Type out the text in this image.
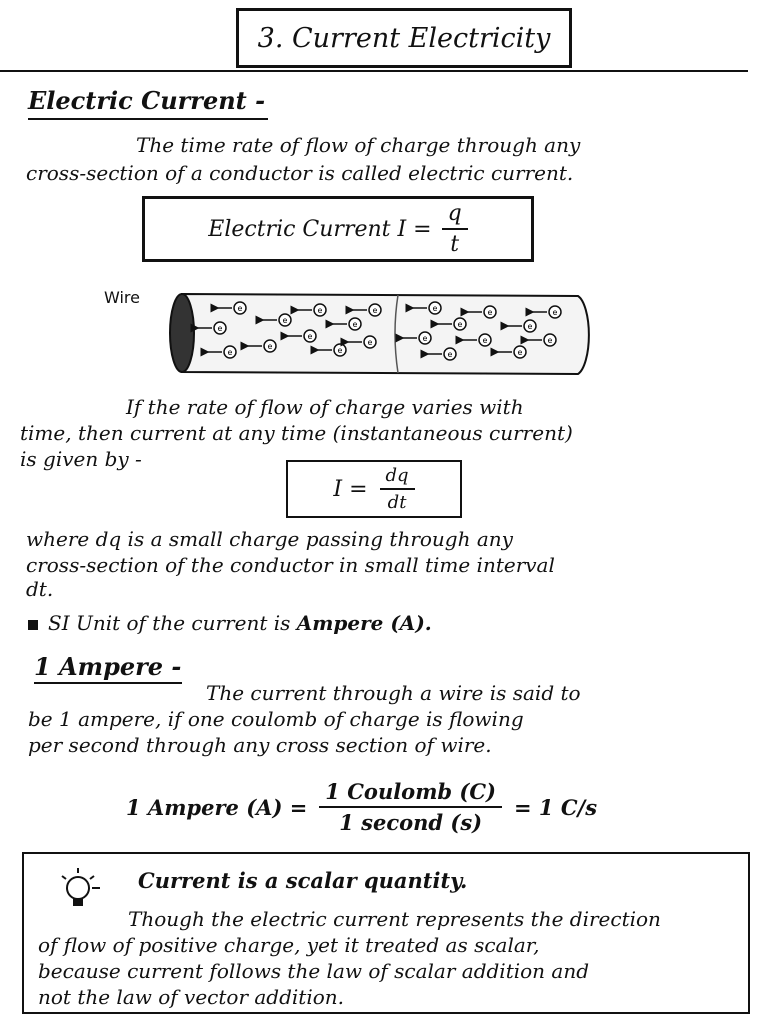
3. Current Electricity
Electric Current -
The time rate of flow of charge through any
cross-section of a conductor is called electric current.
Electric Current $I = \frac{q}{t}$
Wire
e
e
e
e
e
e
e
e
e
e
e
e
e
e
e
e
e
e
e
e
e
If the rate of flow of charge varies with
time, then current at any time (instantaneous current)
is given by -
$I = \frac{dq}{dt}$
where dq is a small charge passing through any
cross-section of the conductor in small time interval
dt.
SI Unit of the current is Ampere (A).
1 Ampere -
The current through a wire is said to
be 1 ampere, if one coulomb of charge is flowing
per second through any cross section of wire.
1 Ampere $(A) = \frac{\text{1 Coulomb (C)}}{\text{1 second (s)}} = 1$ C/s
Current is a scalar quantity.
Though the electric current represents the direction
of flow of positive charge, yet it treated as scalar,
because current follows the law of scalar addition and
not the law of vector addition.
